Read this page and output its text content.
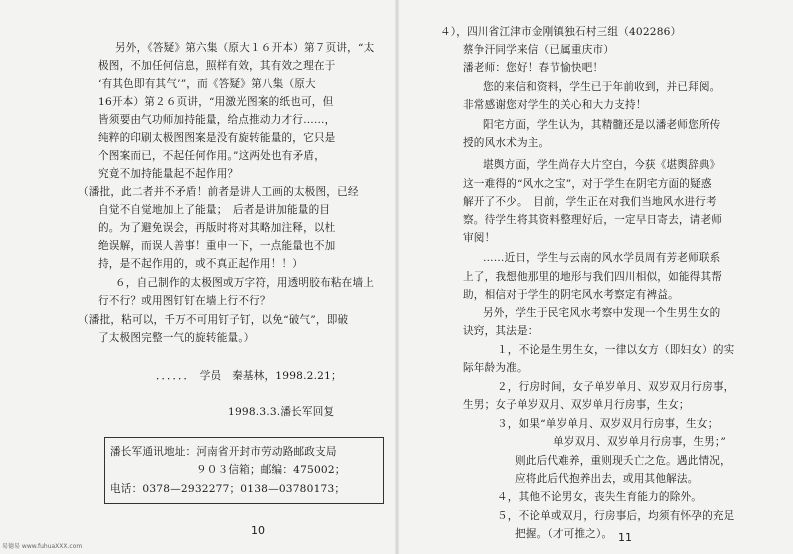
另外，《答疑》第六集（原大１６开本）第７页讲，“太
极图，不加任何信息，照样有效，其有效之理在于
‘有其色即有其气’”，而《答疑》第八集（原大
16开本）第２６页讲，“用激光图案的纸也可，但
皆须要由气功师加持能量，给点推动力才行……，
纯粹的印刷太极图图案是没有旋转能量的，它只是
个图案而已，不起任何作用。”这两处也有矛盾，
究竟不加持能量起不起作用？
（潘批，此二者并不矛盾！前者是讲人工画的太极图，已经
自觉不自觉地加上了能量；　后者是讲加能量的目
的。为了避免误会，再版时将对其略加注释，以杜
绝误解，而误人善事！重申一下，一点能量也不加
持，是不起作用的，或不真正起作用！！）
６，自己制作的太极图或万字符，用透明胶布粘在墙上
行不行？或用图钉钉在墙上行不行？
（潘批，粘可以，千万不可用钉子钉，以免“破气”，即破
了太极图完整一气的旋转能量。）
．．．．．．　学员　秦基林，1998.2.21；
1998.3.3.潘长军回复
潘长军通讯地址：河南省开封市劳动路邮政支局
９０３信箱；邮编：475002；
电话：0378—2932277；0138—03780173；
10
易德易 www.fuhuaXXX.com
４），四川省江津市金刚镇独石村三组（402286）
蔡争汗同学来信（已属重庆市）
潘老师：您好！春节愉快吧！
您的来信和资料，学生已于年前收到，并已拜阅。
非常感谢您对学生的关心和大力支持！
阳宅方面，学生认为，其精髓还是以潘老师您所传
授的风水术为主。
堪舆方面，学生尚存大片空白，今获《堪舆辞典》
这一难得的“风水之宝”，对于学生在阴宅方面的疑惑
解开了不少。　目前，学生正在对我们当地风水进行考
察。待学生将其资料整理好后，一定早日寄去，请老师
审阅！
……近日，学生与云南的风水学员周有芳老师联系
上了，我想他那里的地形与我们四川相似，如能得其帮
助，相信对于学生的阴宅风水考察定有裨益。
另外，学生于民宅风水考察中发现一个生男生女的
诀窍，其法是：
１，不论是生男生女，一律以女方（即妇女）的实
际年龄为准。
２，行房时间，女子单岁单月、双岁双月行房事，
生男；女子单岁双月、双岁单月行房事，生女；
３，如果“单岁单月、双岁双月行房事，生女；
单岁双月、双岁单月行房事，生男；”
则此后代难养，重则现夭亡之危。遇此情况，
应将此后代抱养出去，或用其他解法。
４，其他不论男女，丧失生育能力的除外。
５，不论单或双月，行房事后，均须有怀孕的充足
把握。（才可推之）。 11
